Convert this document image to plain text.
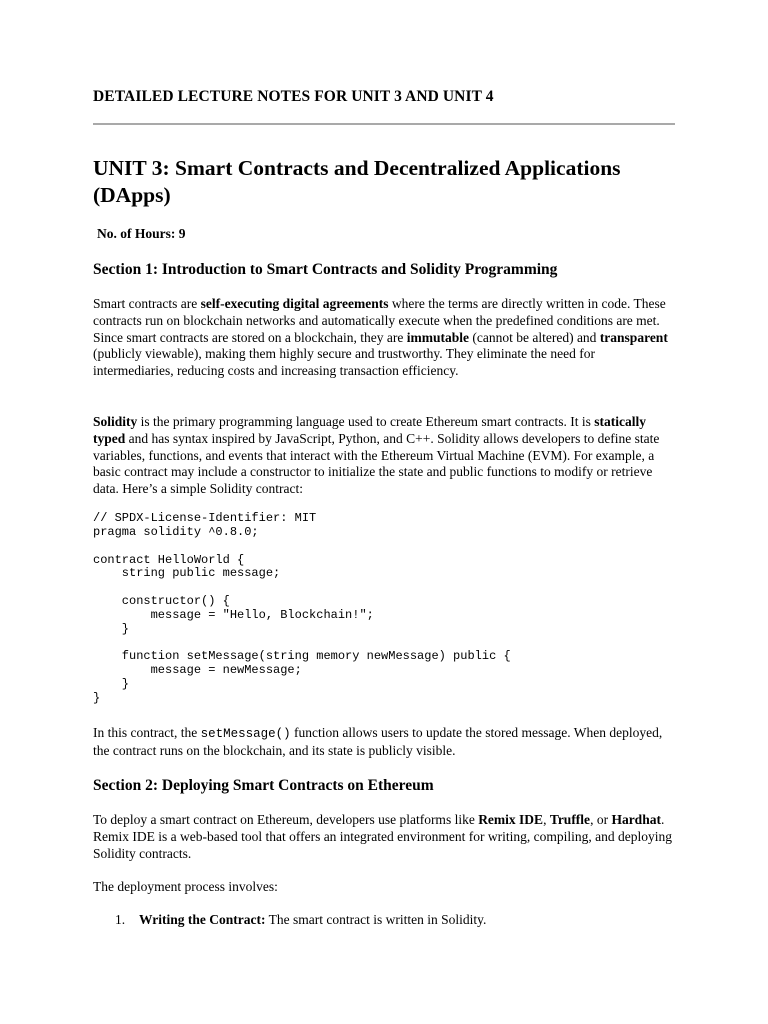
DETAILED LECTURE NOTES FOR UNIT 3 AND UNIT 4
UNIT 3: Smart Contracts and Decentralized Applications (DApps)
No. of Hours: 9
Section 1: Introduction to Smart Contracts and Solidity Programming

Smart contracts are self-executing digital agreements where the terms are directly written in code. These contracts run on blockchain networks and automatically execute when the predefined conditions are met. Since smart contracts are stored on a blockchain, they are immutable (cannot be altered) and transparent (publicly viewable), making them highly secure and trustworthy. They eliminate the need for intermediaries, reducing costs and increasing transaction efficiency.

Solidity is the primary programming language used to create Ethereum smart contracts. It is statically typed and has syntax inspired by JavaScript, Python, and C++. Solidity allows developers to define state variables, functions, and events that interact with the Ethereum Virtual Machine (EVM). For example, a basic contract may include a constructor to initialize the state and public functions to modify or retrieve data. Here’s a simple Solidity contract:

// SPDX-License-Identifier: MIT
pragma solidity ^0.8.0;

contract HelloWorld {
string public message;

constructor() {
message = "Hello, Blockchain!";
}

function setMessage(string memory newMessage) public {
message = newMessage;
}
}

In this contract, the setMessage() function allows users to update the stored message. When deployed, the contract runs on the blockchain, and its state is publicly visible.

Section 2: Deploying Smart Contracts on Ethereum

To deploy a smart contract on Ethereum, developers use platforms like Remix IDE, Truffle, or Hardhat. Remix IDE is a web-based tool that offers an integrated environment for writing, compiling, and deploying Solidity contracts.

The deployment process involves:

1. Writing the Contract: The smart contract is written in Solidity.
